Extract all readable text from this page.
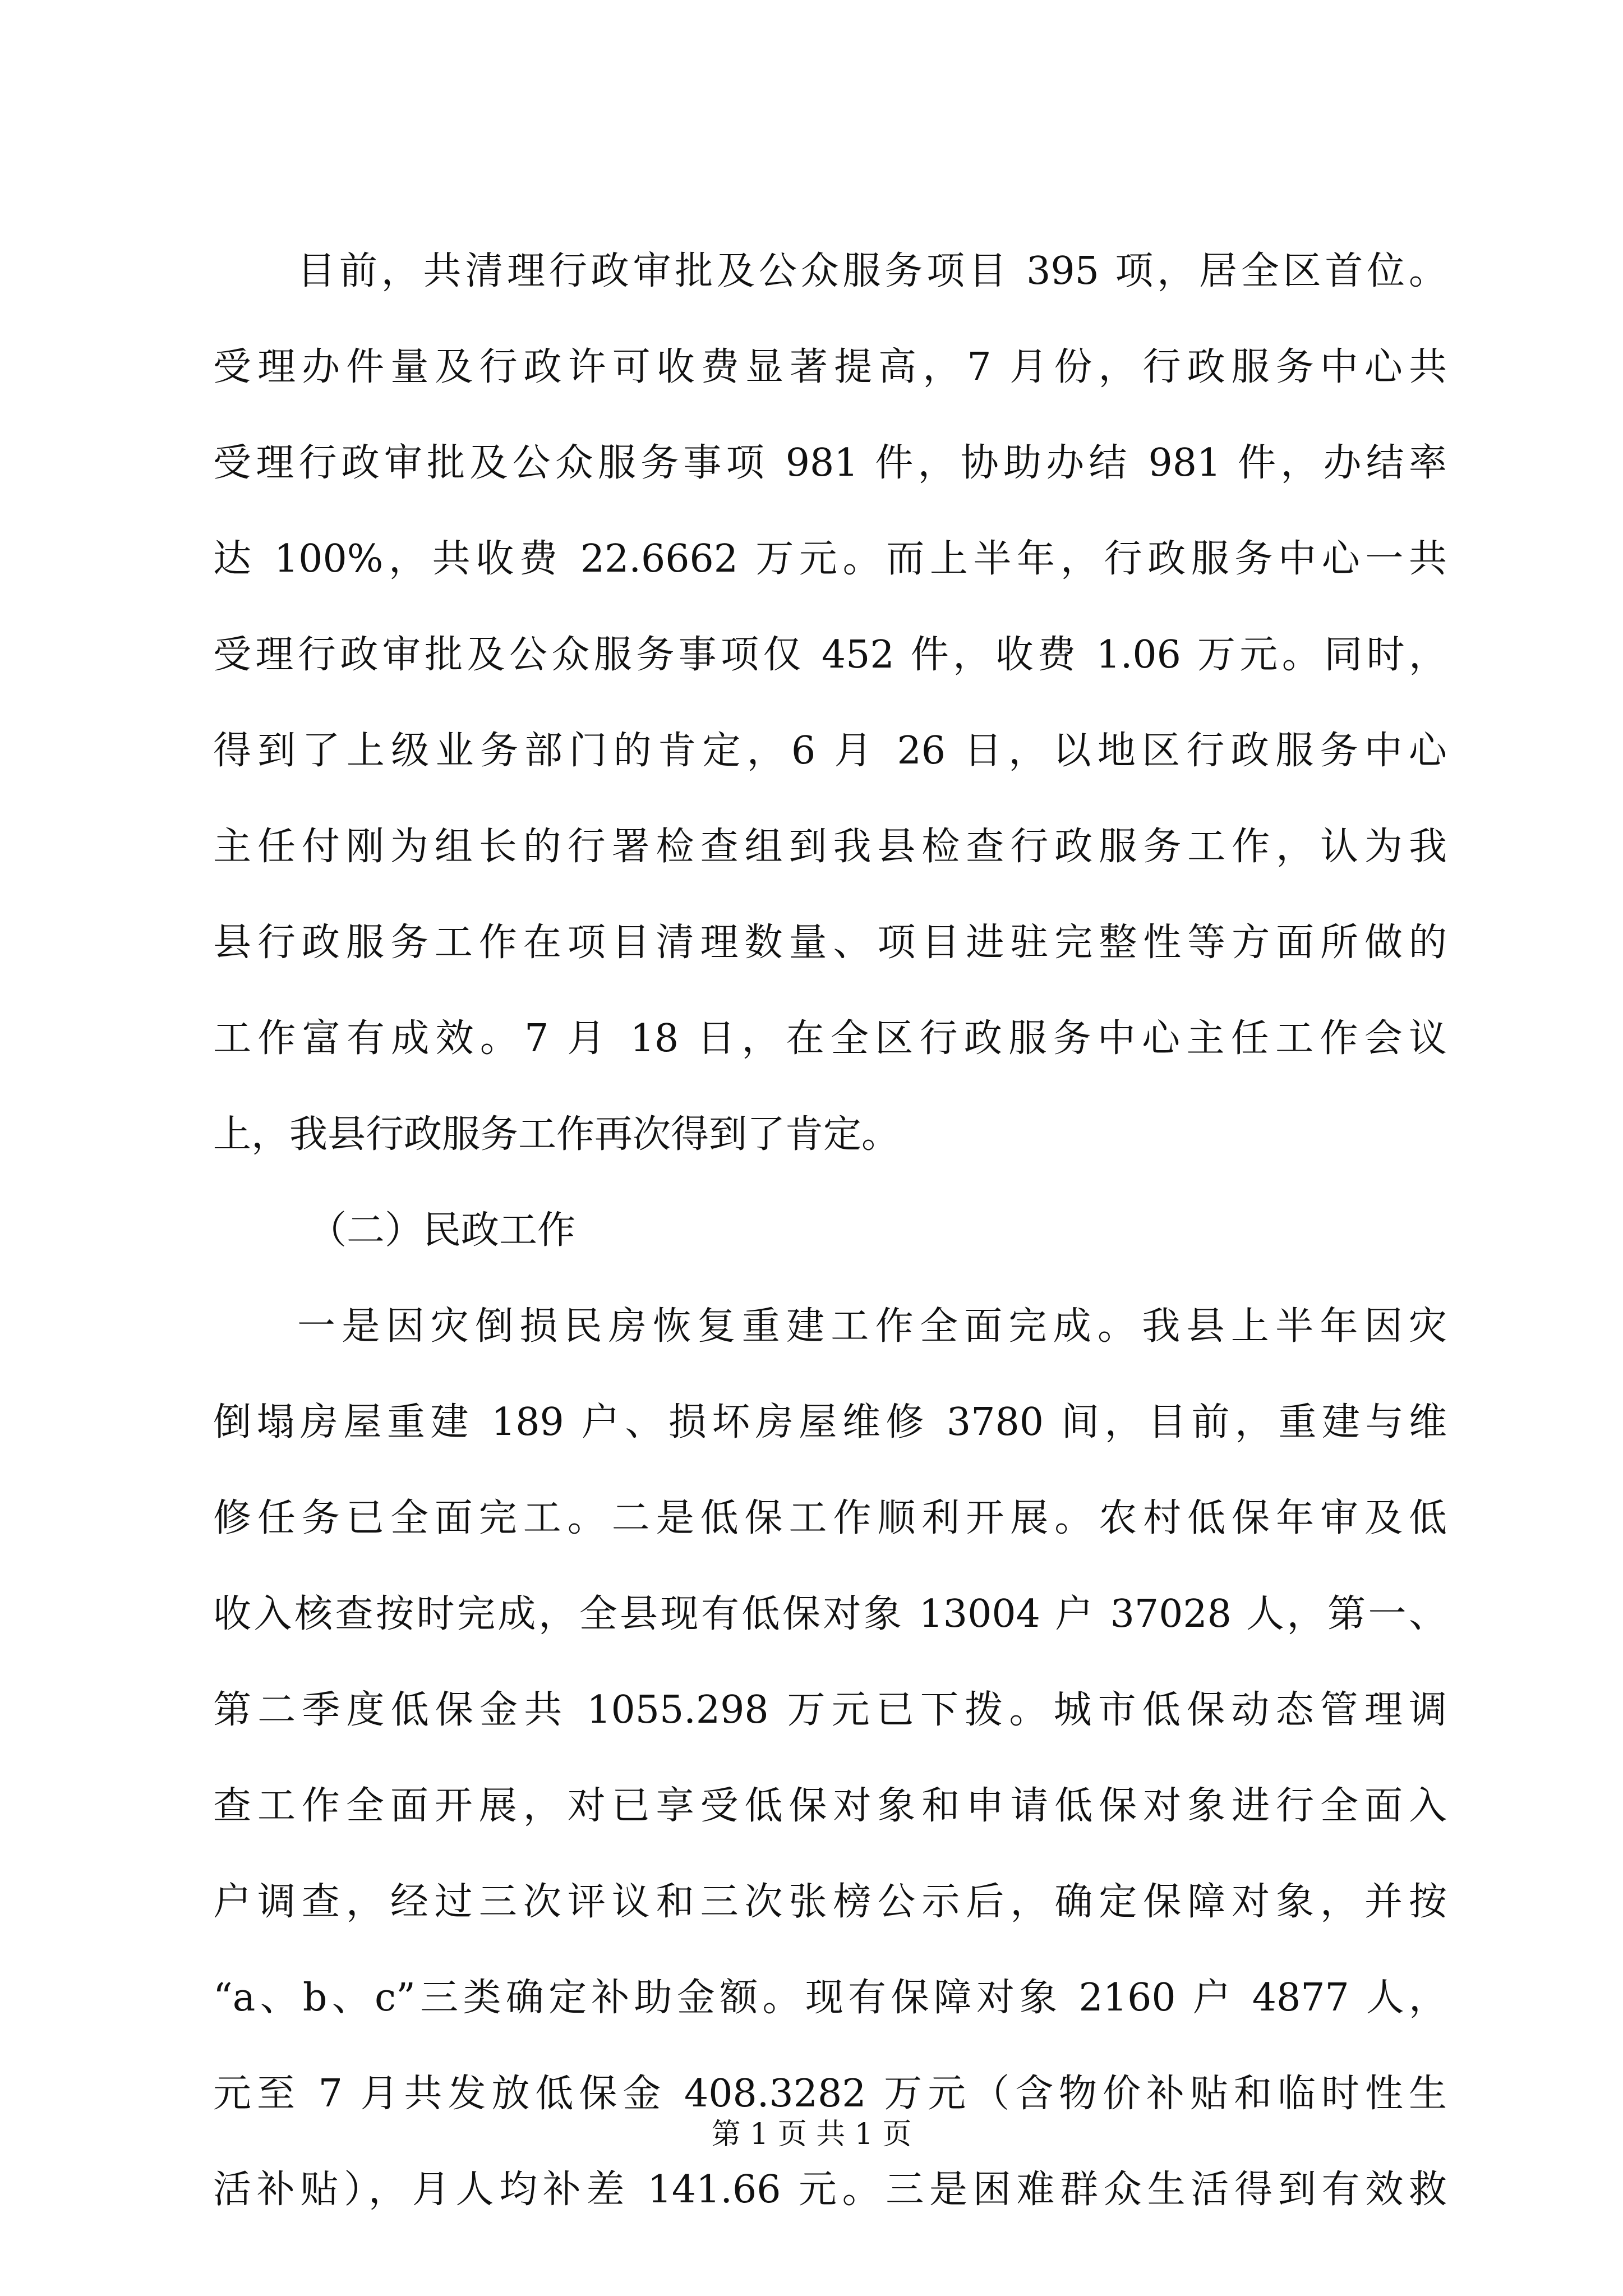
目前，共清理行政审批及公众服务项目 395 项，居全区首位。
受理办件量及行政许可收费显著提高，7 月份，行政服务中心共
受理行政审批及公众服务事项 981 件，协助办结 981 件，办结率
达 100%，共收费 22.6662 万元。而上半年，行政服务中心一共
受理行政审批及公众服务事项仅 452 件，收费 1.06 万元。同时，
得到了上级业务部门的肯定，6 月 26 日，以地区行政服务中心
主任付刚为组长的行署检查组到我县检查行政服务工作，认为我
县行政服务工作在项目清理数量、项目进驻完整性等方面所做的
工作富有成效。7 月 18 日，在全区行政服务中心主任工作会议
上，我县行政服务工作再次得到了肯定。
（二）民政工作
一是因灾倒损民房恢复重建工作全面完成。我县上半年因灾
倒塌房屋重建 189 户、损坏房屋维修 3780 间，目前，重建与维
修任务已全面完工。二是低保工作顺利开展。农村低保年审及低
收入核查按时完成，全县现有低保对象 13004 户 37028 人，第一、
第二季度低保金共 1055.298 万元已下拨。城市低保动态管理调
查工作全面开展，对已享受低保对象和申请低保对象进行全面入
户调查，经过三次评议和三次张榜公示后，确定保障对象，并按
“a、b、c”三类确定补助金额。现有保障对象 2160 户 4877 人，
元至 7 月共发放低保金 408.3282 万元（含物价补贴和临时性生
活补贴），月人均补差 141.66 元。三是困难群众生活得到有效救
第 1 页 共 1 页
